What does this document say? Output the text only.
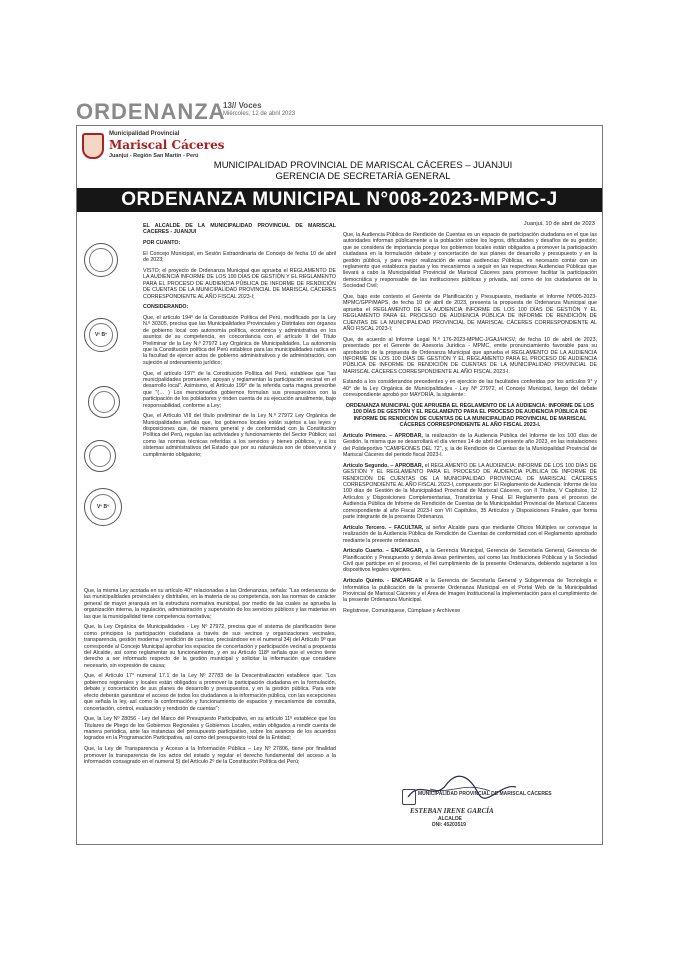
ORDENANZA
13// Voces
Miércoles, 12 de abril 2023
Municipalidad Provincial
Mariscal Cáceres
Juanjuí - Región San Martín - Perú
MUNICIPALIDAD PROVINCIAL DE MARISCAL CÁCERES – JUANJUI
GERENCIA DE SECRETARÍA GENERAL
ORDENANZA MUNICIPAL N°008-2023-MPMC-J
Juanjui, 10 de abril de 2023
Vº Bº
Vº Bº

EL ALCALDE DE LA MUNICIPALIDAD PROVINCIAL DE MARISCAL CACERES - JUANJUI

POR CUANTO:

El Concejo Municipal, en Sesión Extraordinaria de Concejo de fecha 10 de abril de 2023;

VISTO; el proyecto de Ordenanza Municipal que aprueba el REGLAMENTO DE LA AUDIENCIA INFORME DE LOS 100 DÍAS DE GESTIÓN Y EL REGLAMENTO PARA EL PROCESO DE AUDIENCIA PÚBLICA DE INFORME DE RENDICIÓN DE CUENTAS DE LA MUNICIPALIDAD PROVINCIAL DE MARISCAL CÁCERES CORRESPONDIENTE AL AÑO FISCAL 2023-I;

CONSIDERANDO:

Que, el artículo 194° de la Constitución Política del Perú, modificado por la Ley N.º 30305, precisa que las Municipalidades Provinciales y Distritales son órganos de gobierno local con autonomía política, económica y administrativa en los asuntos de su competencia, en concordancia con el artículo II del Título Preliminar de la Ley N.º 27972 Ley Orgánica de Municipalidades. La autonomía que la Constitución política del Perú establece para las municipalidades radica en la facultad de ejercer actos de gobierno administrativos y de administración, con sujeción al ordenamiento jurídico;

Que, el artículo 197° de la Constitución Política del Perú, establece que "las municipalidades promueven, apoyan y reglamentan la participación vecinal en el desarrollo local". Asimismo, el Artículo 199° de la referida carta magna prescribe que "(… ) Los mencionados gobiernos formulan sus presupuestos con la participación de los pobladores y rinden cuenta de su ejecución anualmente, bajo responsabilidad, conforme a Ley;

Que, el Artículo VIII del título preliminar de la Ley N.º 27972 Ley Orgánica de Municipalidades señala que, los gobiernos locales están sujetos a las leyes y disposiciones que, de manera general y de conformidad con la Constitución Política del Perú, regulan las actividades y funcionamiento del Sector Público; así como las normas técnicas referidas a los servicios y bienes públicos, y a los sistemas administrativos del Estado que por su naturaleza son de observancia y cumplimiento obligatorio;

Que, la misma Ley acotada en su artículo 40° relacionadas a las Ordenanzas, señala: "Las ordenanzas de las municipalidades provinciales y distritales, en la materia de su competencia, son las normas de carácter general de mayor jerarquía en la estructura normativa municipal, por medio de las cuales se aprueba la organización interna, la regulación, administración y supervisión de los servicios públicos y las materias en las que la municipalidad tiene competencia normativa;

Que, la Ley Orgánica de Municipalidades - Ley Nº 27972, precisa que el sistema de planificación tiene como principios la participación ciudadana a través de sus vecinos y organizaciones vecinales, transparencia, gestión moderna y rendición de cuentas, precisándose en el numeral 34) del Artículo 9º que corresponde al Concejo Municipal aprobar los espacios de concertación y participación vecinal a propuesta del Alcalde, así como reglamentar su funcionamiento, y en su Artículo 118º señala que el vecino tiene derecho a ser informado respecto de la gestión municipal y solicitar la información que considere necesario, sin expresión de causa;

Que, el Artículo 17° numeral 17.1 de la Ley Nº 27783 de la Descentralización establece que: "Los gobiernos regionales y locales están obligados a promover la participación ciudadana en la formulación, debate y concertación de sus planes de desarrollo y presupuestos, y en la gestión pública. Para este efecto deberán garantizar el acceso de todos los ciudadanos a la información pública, con las excepciones que señala la ley, así como la conformación y funcionamiento de espacios y mecanismos de consulta, concertación, control, evaluación y rendición de cuentas";

Que, la Ley Nº 28056 - Ley del Marco del Presupuesto Participativo, en su artículo 11º establece que los Titulares de Pliego de los Gobiernos Regionales y Gobiernos Locales, están obligados a rendir cuenta de manera periódica, ante las instancias del presupuesto participativo, sobre los avances de los acuerdos logrados en la Programación Participativa, así como del presupuesto total de la Entidad;

Que, la Ley de Transparencia y Acceso a la Información Pública – Ley Nº 27806, tiene por finalidad promover la transparencia de los actos del estado y regular el derecho fundamental del acceso a la información consagrado en el numeral 5) del Artículo 2º de la Constitución Política del Perú;

Que, la Audiencia Pública de Rendición de Cuentas es un espacio de participación ciudadana en el que las autoridades informan públicamente a la población sobre los logros, dificultades y desafíos de su gestión; que se considera de importancia porque los gobiernos locales están obligados a promover la participación ciudadana en la formulación debate y concertación de sus planes de desarrollo y presupuesto y en la gestión pública, y para mejor realización de estas audiencias Públicas, es necesario contar con un reglamento que establezca pautas y los mecanismos a seguir en las respectivas Audiencias Públicas que llevará a cabo la Municipalidad Provincial de Mariscal Cáceres para promover facilitar la participación democrática y responsable de las instituciones públicas y privada, así como de los ciudadanos de la Sociedad Civil;

Que, bajo este contexto el Gerente de Planificación y Presupuesto, mediante el Informe Nº005-2023-MPMC/GPP/MAPS, de fecha 10 de abril de 2023, presenta la propuesta de Ordenanza Municipal que aprueba el REGLAMENTO DE LA AUDIENCIA INFORME DE LOS 100 DÍAS DE GESTIÓN Y EL REGLAMENTO PARA EL PROCESO DE AUDIENCIA PÚBLICA DE INFORME DE RENDICIÓN DE CUENTAS DE LA MUNICIPALIDAD PROVINCIAL DE MARISCAL CÁCERES CORRESPONDIENTE AL AÑO FISCAL 2023-I;

Que, de acuerdo al Informe Legal N.º 176-2023-MPMC-J/GAJ/HKSV, de fecha 10 de abril de 2023, presentado por el Gerente de Asesoría Jurídica - MPMC, emite pronunciamiento favorable para su aprobación de la propuesta de Ordenanza Municipal que aprueba el REGLAMENTO DE LA AUDIENCIA INFORME DE LOS 100 DÍAS DE GESTIÓN Y EL REGLAMENTO PARA EL PROCESO DE AUDIENCIA PÚBLICA DE INFORME DE RENDICIÓN DE CUENTAS DE LA MUNICIPALIDAD PROVINCIAL DE MARISCAL CÁCERES CORRESPONDIENTE AL AÑO FISCAL 2023-I.

Estando a los considerandos precedentes y en ejercicio de las facultades conferidas por los artículos 9° y 40° de la Ley Orgánica de Municipalidades - Ley Nº 27972, el Concejo Municipal, luego del debate correspondiente aprobó por MAYORÍA, la siguiente:

ORDENANZA MUNICIPAL QUE APRUEBA EL REGLAMENTO DE LA AUDIENCIA: INFORME DE LOS 100 DÍAS DE GESTIÓN Y EL REGLAMENTO PARA EL PROCESO DE AUDIENCIA PÚBLICA DE INFORME DE RENDICIÓN DE CUENTAS DE LA MUNICIPALIDAD PROVINCIAL DE MARISCAL CÁCERES CORRESPONDIENTE AL AÑO FISCAL 2023-I.

Artículo Primero. – APROBAR, la realización de la Audiencia Pública del Informe de los 100 días de Gestión, la misma que se desarrollará el día viernes 14 de abril del presente año 2023, en las instalaciones del Polideportivo "CAMPEONES DEL 72", y, la de Rendición de Cuentas de la Municipalidad Provincial de Mariscal Cáceres del periodo fiscal 2023-I.

Artículo Segundo. – APROBAR, el REGLAMENTO DE LA AUDIENCIA: INFORME DE LOS 100 DÍAS DE GESTIÓN Y EL REGLAMENTO PARA EL PROCESO DE AUDIENCIA PÚBLICA DE INFORME DE RENDICIÓN DE CUENTAS DE LA MUNICIPALIDAD PROVINCIAL DE MARISCAL CÁCERES CORRESPONDIENTE AL AÑO FISCAL 2023-I, compuesto por: El Reglamento de Audiencia: Informe de los 100 días de Gestión de la Municipalidad Provincial de Mariscal Cáceres, con II Títulos, V Capítulos, 12 Artículos y Disposiciones Complementarias, Transitorias y Final. El Reglamento para el proceso de Audiencia Pública de Informe de Rendición de Cuentas de la Municipalidad Provincial de Mariscal Cáceres correspondiente al año Fiscal 2023-I con VII Capítulos, 35 Artículos y Disposiciones Finales, que forma parte integrante de la presente Ordenanza.

Artículo Tercero. – FACULTAR, al señor Alcalde para que mediante Oficios Múltiples se convoque la realización de la Audiencia Pública de Rendición de Cuentas de conformidad con el Reglamento aprobado mediante la presente ordenanza.

Artículo Cuarto. – ENCARGAR, a la Gerencia Municipal, Gerencia de Secretaría General, Gerencia de Planificación y Presupuesto y demás áreas pertinentes, así como las Instituciones Públicas y la Sociedad Civil que participe en el proceso, el fiel cumplimiento de la presente Ordenanza, debiendo sujetarse a los dispositivos legales vigentes.

Artículo Quinto. - ENCARGAR a la Gerencia de Secretaría General y Subgerencia de Tecnología e Informática la publicación de la presente Ordenanza Municipal en el Portal Web de la Municipalidad Provincial de Mariscal Cáceres y el Área de Imagen Institucional la implementación para el cumplimiento de la presente Ordenanza Municipal.

Regístrese, Comuníquese, Cúmplase y Archívese

MUNICIPALIDAD PROVINCIAL DE MARISCAL CÁCERES
ESTEBAN IRENE GARCÍA
ALCALDE
DNI: 45203519
